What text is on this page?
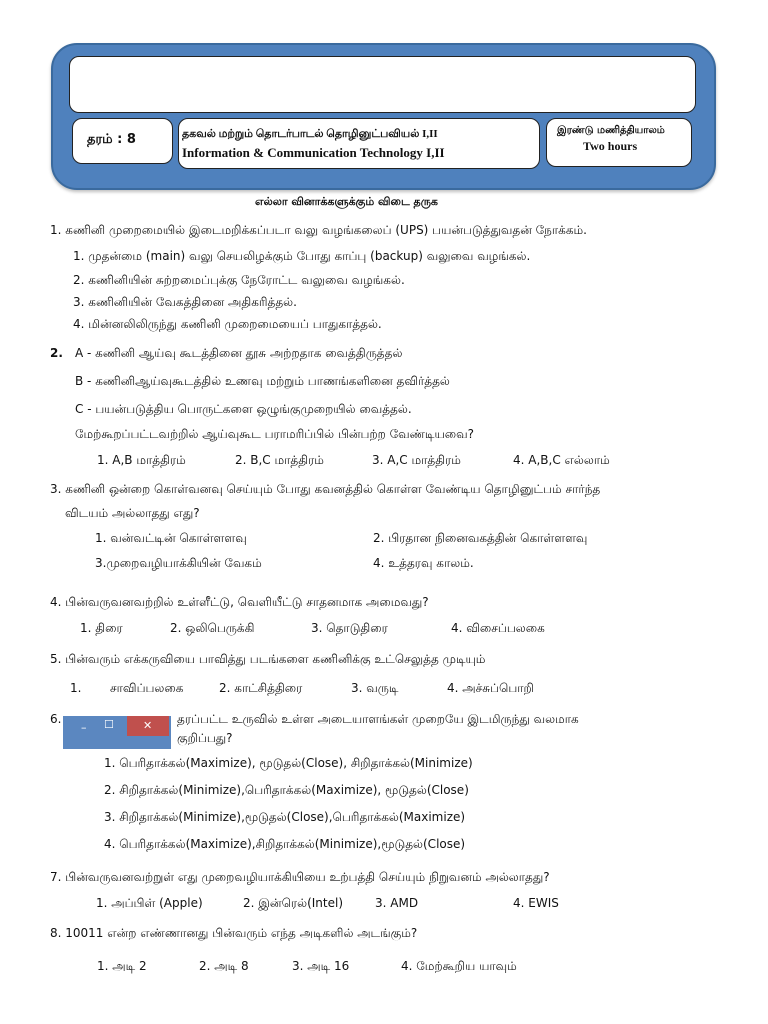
தரம் : 8	தகவல் மற்றும் தொடர்பாடல் தொழினுட்பவியல் I,II
Information & Communication Technology I,II
இரண்டு மணித்தியாலம்
Two hours
எல்லா வினாக்களுக்கும் விடை தருக
1. கணினி முறைமையில் இடைமறிக்கப்படா வலு வழங்கலைப் (UPS) பயன்படுத்துவதன் நோக்கம்.
1. முதன்மை (main) வலு செயலிழக்கும் போது காப்பு (backup) வலுவை வழங்கல்.
2. கணினியின் சுற்றமைப்புக்கு நேரோட்ட வலுவை வழங்கல்.
3. கணினியின் வேகத்தினை அதிகரித்தல்.
4. மின்னலிலிருந்து கணினி முறைமையைப் பாதுகாத்தல்.
2. A - கணினி ஆய்வு கூடத்தினை தூசு அற்றதாக வைத்திருத்தல்
B - கணினிஆய்வுகூடத்தில் உணவு மற்றும் பாணங்களினை தவிர்த்தல்
C - பயன்படுத்திய பொருட்களை ஒழுங்குமுறையில் வைத்தல்.
மேற்கூறப்பட்டவற்றில் ஆய்வுகூட பராமரிப்பில் பின்பற்ற வேண்டியவை?
1. A,B மாத்திரம்	2. B,C மாத்திரம்	3. A,C மாத்திரம்	4. A,B,C எல்லாம்
3. கணினி ஒன்றை கொள்வனவு செய்யும் போது கவனத்தில் கொள்ள வேண்டிய தொழினுட்பம் சார்ந்த
விடயம் அல்லாதது எது?
1. வன்வட்டின் கொள்ளளவு	2. பிரதான நினைவகத்தின் கொள்ளளவு
3.முறைவழியாக்கியின் வேகம்	4. உத்தரவு காலம்.
4. பின்வருவனவற்றில் உள்ளீட்டு, வெளியீட்டு சாதனமாக அமைவது?
1. திரை	2. ஒலிபெருக்கி	3. தொடுதிரை	4. விசைப்பலகை
5. பின்வரும் எக்கருவியை பாவித்து படங்களை கணினிக்கு உட்செலுத்த முடியும்
1. சாவிப்பலகை	2. காட்சித்திரை	3. வருடி	4. அச்சுப்பொறி
6.
– ☐	✕ தரப்பட்ட உருவில் உள்ள அடையாளங்கள் முறையே இடமிருந்து வலமாக
குறிப்பது?
1. பெரிதாக்கல்(Maximize), மூடுதல்(Close), சிறிதாக்கல்(Minimize)
2. சிறிதாக்கல்(Minimize),பெரிதாக்கல்(Maximize), மூடுதல்(Close)
3. சிறிதாக்கல்(Minimize),மூடுதல்(Close),பெரிதாக்கல்(Maximize)
4. பெரிதாக்கல்(Maximize),சிறிதாக்கல்(Minimize),மூடுதல்(Close)
7. பின்வருவனவற்றுள் எது முறைவழியாக்கியியை உற்பத்தி செய்யும் நிறுவனம் அல்லாதது?
1. அப்பிள் (Apple)	2. இன்ரெல்(Intel)	3. AMD	4. EWIS
8. 10011 என்ற எண்ணானது பின்வரும் எந்த அடிகளில் அடங்கும்?
1. அடி 2	2. அடி 8	3. அடி 16	4. மேற்கூறிய யாவும்
